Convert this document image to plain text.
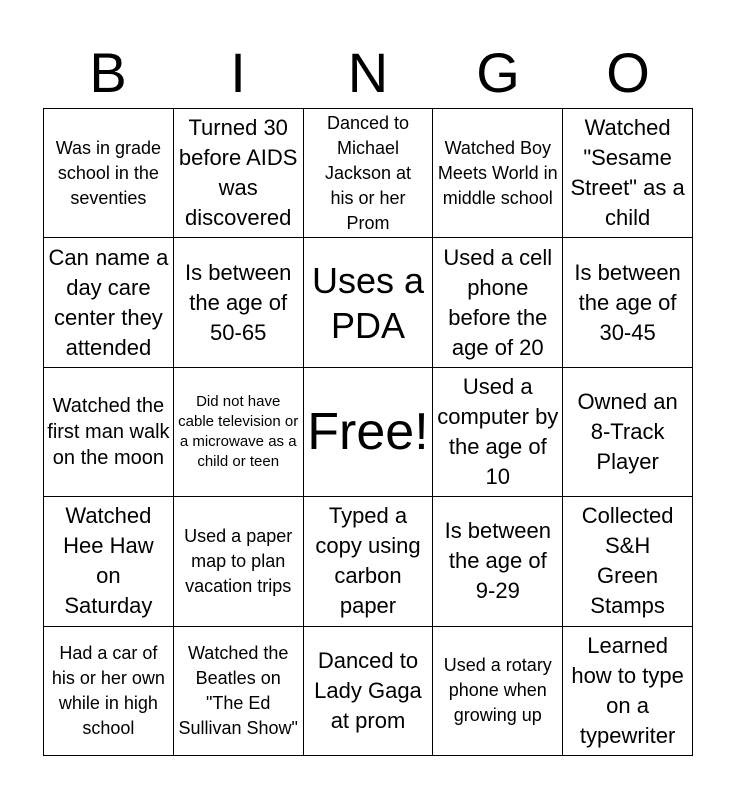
B	I	N	G	O
Was in grade school in the seventies
Turned 30 before AIDS was discovered
Danced to Michael Jackson at his or her Prom
Watched Boy Meets World in middle school
Watched "Sesame Street" as a child
Can name a day care center they attended
Is between the age of 50-65
Uses a PDA
Used a cell phone before the age of 20
Is between the age of 30-45
Watched the first man walk on the moon
Did not have cable television or a microwave as a child or teen
Free!
Used a computer by the age of 10
Owned an 8-Track Player
Watched Hee Haw on Saturday
Used a paper map to plan vacation trips
Typed a copy using carbon paper
Is between the age of 9-29
Collected S&H Green Stamps
Had a car of his or her own while in high school
Watched the Beatles on "The Ed Sullivan Show"
Danced to Lady Gaga at prom
Used a rotary phone when growing up
Learned how to type on a typewriter
